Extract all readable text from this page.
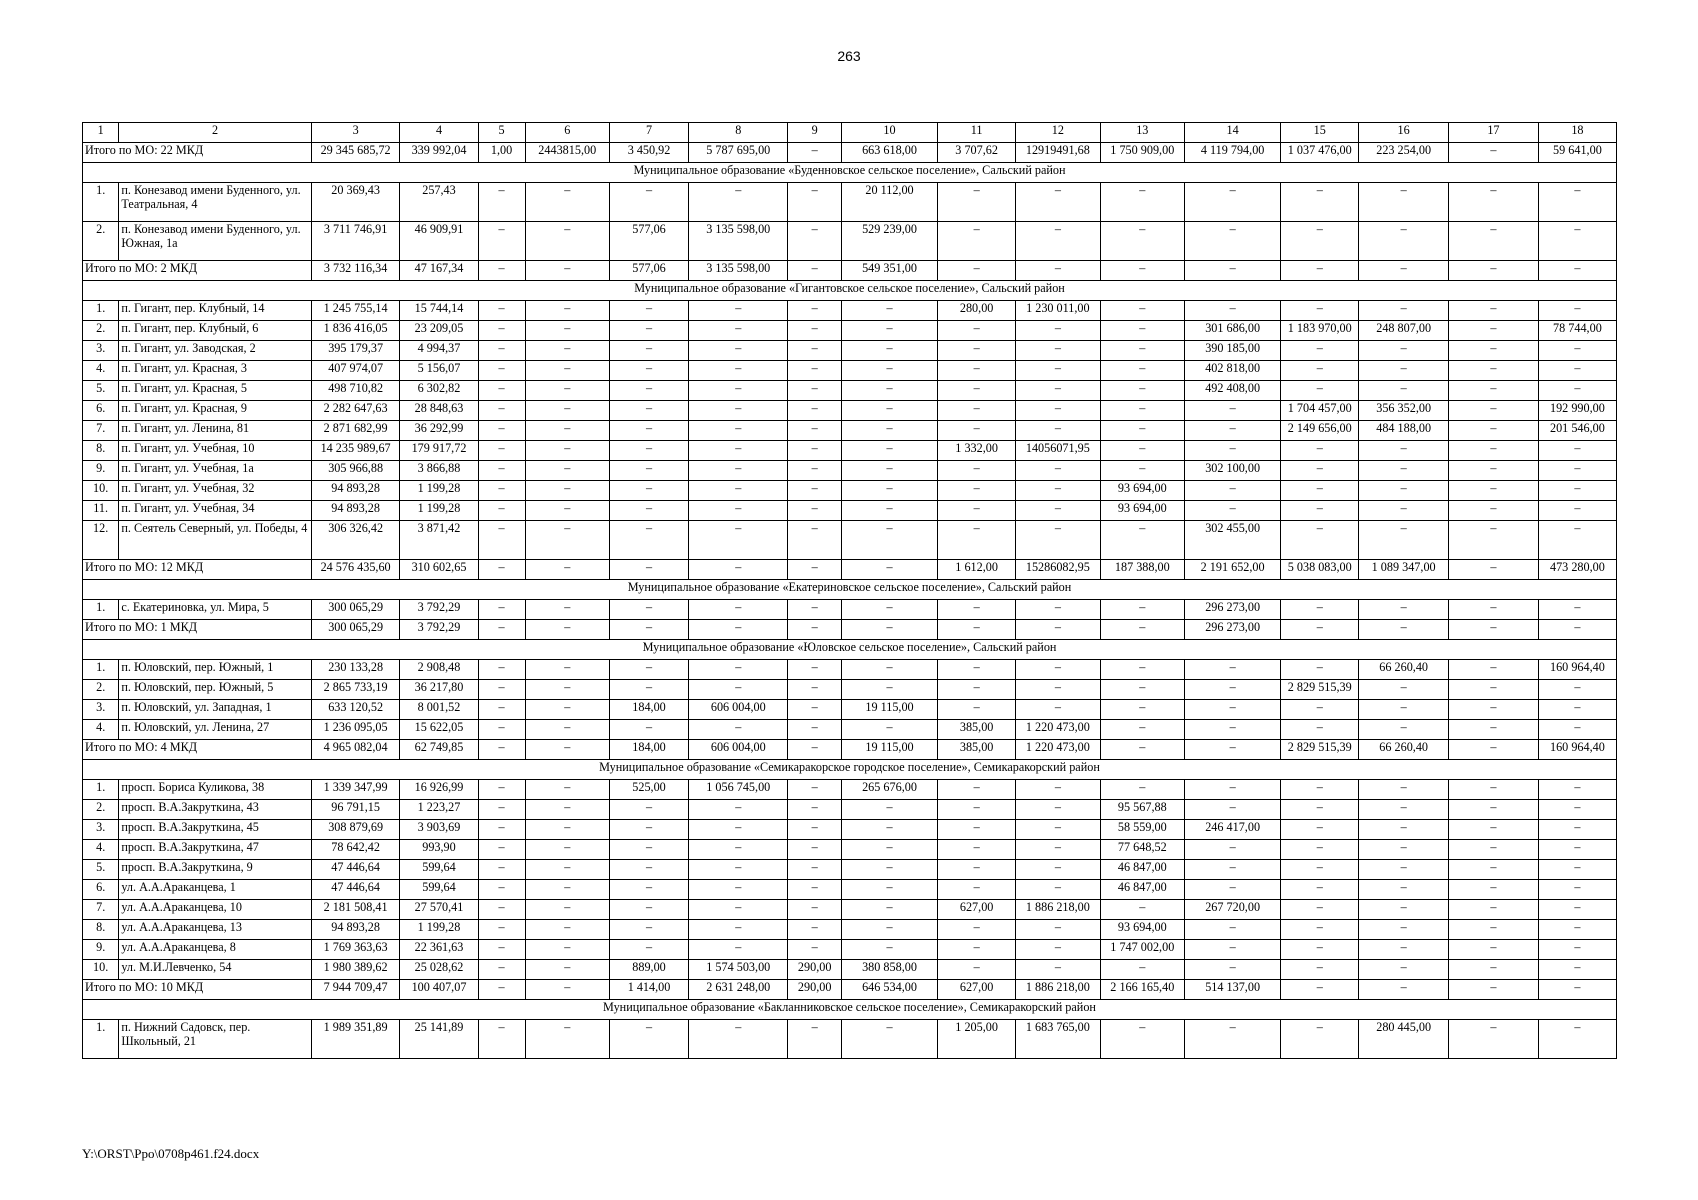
263
1	2	3	4	5	6	7	8	9	10	11	12	13	14	15	16	17	18
Итого по МО: 22 МКД		29 345 685,72	339 992,04	1,00	2443815,00	3 450,92	5 787 695,00	–	663 618,00	3 707,62	12919491,68	1 750 909,00	4 119 794,00	1 037 476,00	223 254,00	–	59 641,00
Муниципальное образование «Буденновское сельское поселение», Сальский район																	
1.	п. Конезавод имени Буденного, ул. Театральная, 4	20 369,43	257,43	–	–	–	–	–	20 112,00	–	–	–	–	–	–	–	–
2.	п. Конезавод имени Буденного, ул. Южная, 1а	3 711 746,91	46 909,91	–	–	577,06	3 135 598,00	–	529 239,00	–	–	–	–	–	–	–	–
Итого по МО: 2 МКД		3 732 116,34	47 167,34	–	–	577,06	3 135 598,00	–	549 351,00	–	–	–	–	–	–	–	–
Муниципальное образование «Гигантовское сельское поселение», Сальский район																	
1.	п. Гигант, пер. Клубный, 14	1 245 755,14	15 744,14	–	–	–	–	–	–	280,00	1 230 011,00	–	–	–	–	–	–
2.	п. Гигант, пер. Клубный, 6	1 836 416,05	23 209,05	–	–	–	–	–	–	–	–	–	301 686,00	1 183 970,00	248 807,00	–	78 744,00
3.	п. Гигант, ул. Заводская, 2	395 179,37	4 994,37	–	–	–	–	–	–	–	–	–	390 185,00	–	–	–	–
4.	п. Гигант, ул. Красная, 3	407 974,07	5 156,07	–	–	–	–	–	–	–	–	–	402 818,00	–	–	–	–
5.	п. Гигант, ул. Красная, 5	498 710,82	6 302,82	–	–	–	–	–	–	–	–	–	492 408,00	–	–	–	–
6.	п. Гигант, ул. Красная, 9	2 282 647,63	28 848,63	–	–	–	–	–	–	–	–	–	–	1 704 457,00	356 352,00	–	192 990,00
7.	п. Гигант, ул. Ленина, 81	2 871 682,99	36 292,99	–	–	–	–	–	–	–	–	–	–	2 149 656,00	484 188,00	–	201 546,00
8.	п. Гигант, ул. Учебная, 10	14 235 989,67	179 917,72	–	–	–	–	–	–	1 332,00	14056071,95	–	–	–	–	–	–
9.	п. Гигант, ул. Учебная, 1а	305 966,88	3 866,88	–	–	–	–	–	–	–	–	–	302 100,00	–	–	–	–
10.	п. Гигант, ул. Учебная, 32	94 893,28	1 199,28	–	–	–	–	–	–	–	–	93 694,00	–	–	–	–	–
11.	п. Гигант, ул. Учебная, 34	94 893,28	1 199,28	–	–	–	–	–	–	–	–	93 694,00	–	–	–	–	–
12.	п. Сеятель Северный, ул. Победы, 4	306 326,42	3 871,42	–	–	–	–	–	–	–	–	–	302 455,00	–	–	–	–
Итого по МО: 12 МКД		24 576 435,60	310 602,65	–	–	–	–	–	–	1 612,00	15286082,95	187 388,00	2 191 652,00	5 038 083,00	1 089 347,00	–	473 280,00
Муниципальное образование «Екатериновское сельское поселение», Сальский район																	
1.	с. Екатериновка, ул. Мира, 5	300 065,29	3 792,29	–	–	–	–	–	–	–	–	–	296 273,00	–	–	–	–
Итого по МО: 1 МКД		300 065,29	3 792,29	–	–	–	–	–	–	–	–	–	296 273,00	–	–	–	–
Муниципальное образование «Юловское сельское поселение», Сальский район																	
1.	п. Юловский, пер. Южный, 1	230 133,28	2 908,48	–	–	–	–	–	–	–	–	–	–	–	66 260,40	–	160 964,40
2.	п. Юловский, пер. Южный, 5	2 865 733,19	36 217,80	–	–	–	–	–	–	–	–	–	–	2 829 515,39	–	–	–
3.	п. Юловский, ул. Западная, 1	633 120,52	8 001,52	–	–	184,00	606 004,00	–	19 115,00	–	–	–	–	–	–	–	–
4.	п. Юловский, ул. Ленина, 27	1 236 095,05	15 622,05	–	–	–	–	–	–	385,00	1 220 473,00	–	–	–	–	–	–
Итого по МО: 4 МКД		4 965 082,04	62 749,85	–	–	184,00	606 004,00	–	19 115,00	385,00	1 220 473,00	–	–	2 829 515,39	66 260,40	–	160 964,40
Муниципальное образование «Семикаракорское городское поселение», Семикаракорский район																	
1.	просп. Бориса Куликова, 38	1 339 347,99	16 926,99	–	–	525,00	1 056 745,00	–	265 676,00	–	–	–	–	–	–	–	–
2.	просп. В.А.Закруткина, 43	96 791,15	1 223,27	–	–	–	–	–	–	–	–	95 567,88	–	–	–	–	–
3.	просп. В.А.Закруткина, 45	308 879,69	3 903,69	–	–	–	–	–	–	–	–	58 559,00	246 417,00	–	–	–	–
4.	просп. В.А.Закруткина, 47	78 642,42	993,90	–	–	–	–	–	–	–	–	77 648,52	–	–	–	–	–
5.	просп. В.А.Закруткина, 9	47 446,64	599,64	–	–	–	–	–	–	–	–	46 847,00	–	–	–	–	–
6.	ул. А.А.Араканцева, 1	47 446,64	599,64	–	–	–	–	–	–	–	–	46 847,00	–	–	–	–	–
7.	ул. А.А.Араканцева, 10	2 181 508,41	27 570,41	–	–	–	–	–	–	627,00	1 886 218,00	–	267 720,00	–	–	–	–
8.	ул. А.А.Араканцева, 13	94 893,28	1 199,28	–	–	–	–	–	–	–	–	93 694,00	–	–	–	–	–
9.	ул. А.А.Араканцева, 8	1 769 363,63	22 361,63	–	–	–	–	–	–	–	–	1 747 002,00	–	–	–	–	–
10.	ул. М.И.Левченко, 54	1 980 389,62	25 028,62	–	–	889,00	1 574 503,00	290,00	380 858,00	–	–	–	–	–	–	–	–
Итого по МО: 10 МКД		7 944 709,47	100 407,07	–	–	1 414,00	2 631 248,00	290,00	646 534,00	627,00	1 886 218,00	2 166 165,40	514 137,00	–	–	–	–
Муниципальное образование «Бакланниковское сельское поселение», Семикаракорский район																	
1.	п. Нижний Садовск, пер. Школьный, 21	1 989 351,89	25 141,89	–	–	–	–	–	–	1 205,00	1 683 765,00	–	–	–	280 445,00	–	–
Y:\ORST\Ppo\0708p461.f24.docx
